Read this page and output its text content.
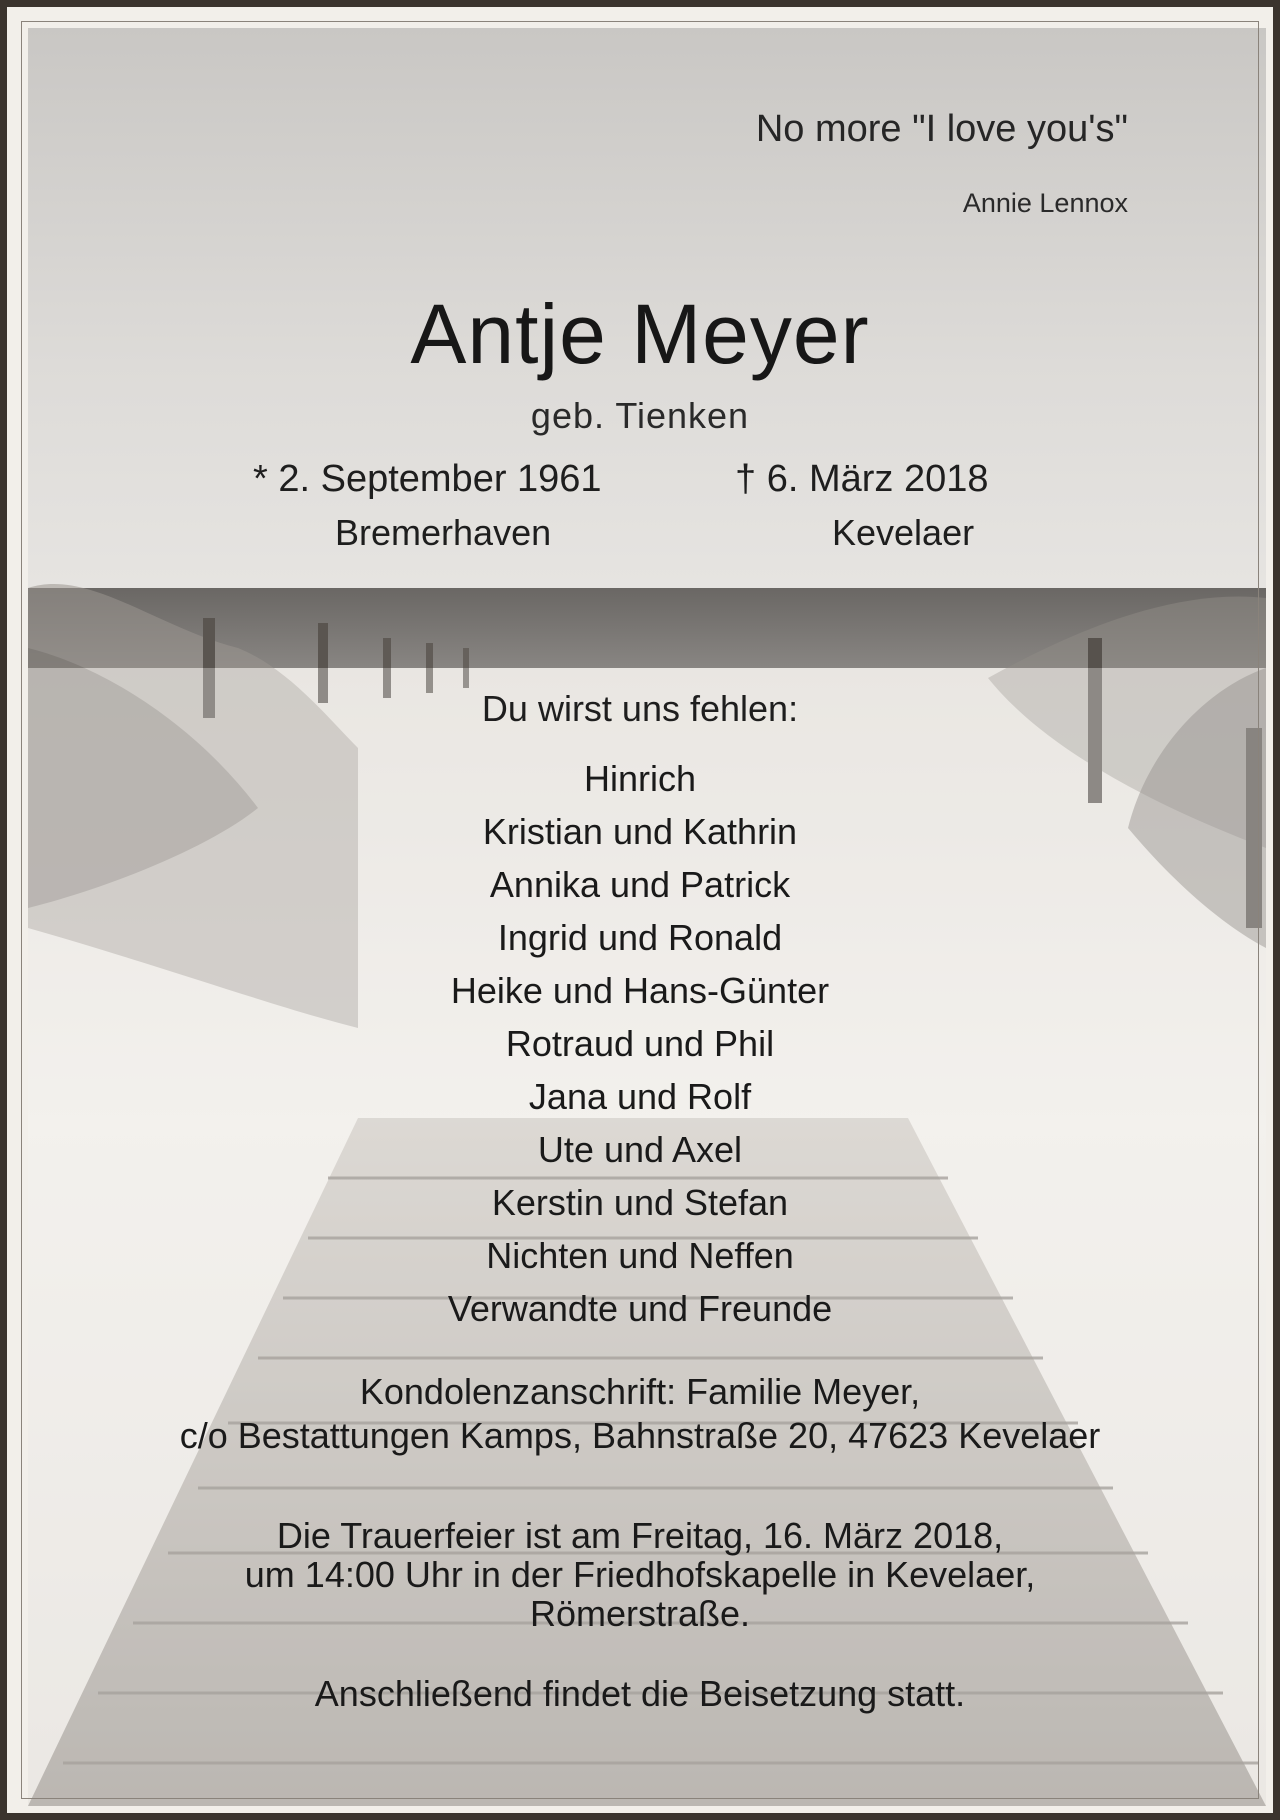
No more "I love you's"
Annie Lennox
Antje Meyer
geb. Tienken
* 2. September 1961
Bremerhaven
† 6. März 2018
Kevelaer
Du wirst uns fehlen:
Hinrich
Kristian und Kathrin
Annika und Patrick
Ingrid und Ronald
Heike und Hans-Günter
Rotraud und Phil
Jana und Rolf
Ute und Axel
Kerstin und Stefan
Nichten und Neffen
Verwandte und Freunde
Kondolenzanschrift: Familie Meyer,
c/o Bestattungen Kamps, Bahnstraße 20, 47623 Kevelaer
Die Trauerfeier ist am Freitag, 16. März 2018,
um 14:00 Uhr in der Friedhofskapelle in Kevelaer,
Römerstraße.
Anschließend findet die Beisetzung statt.
